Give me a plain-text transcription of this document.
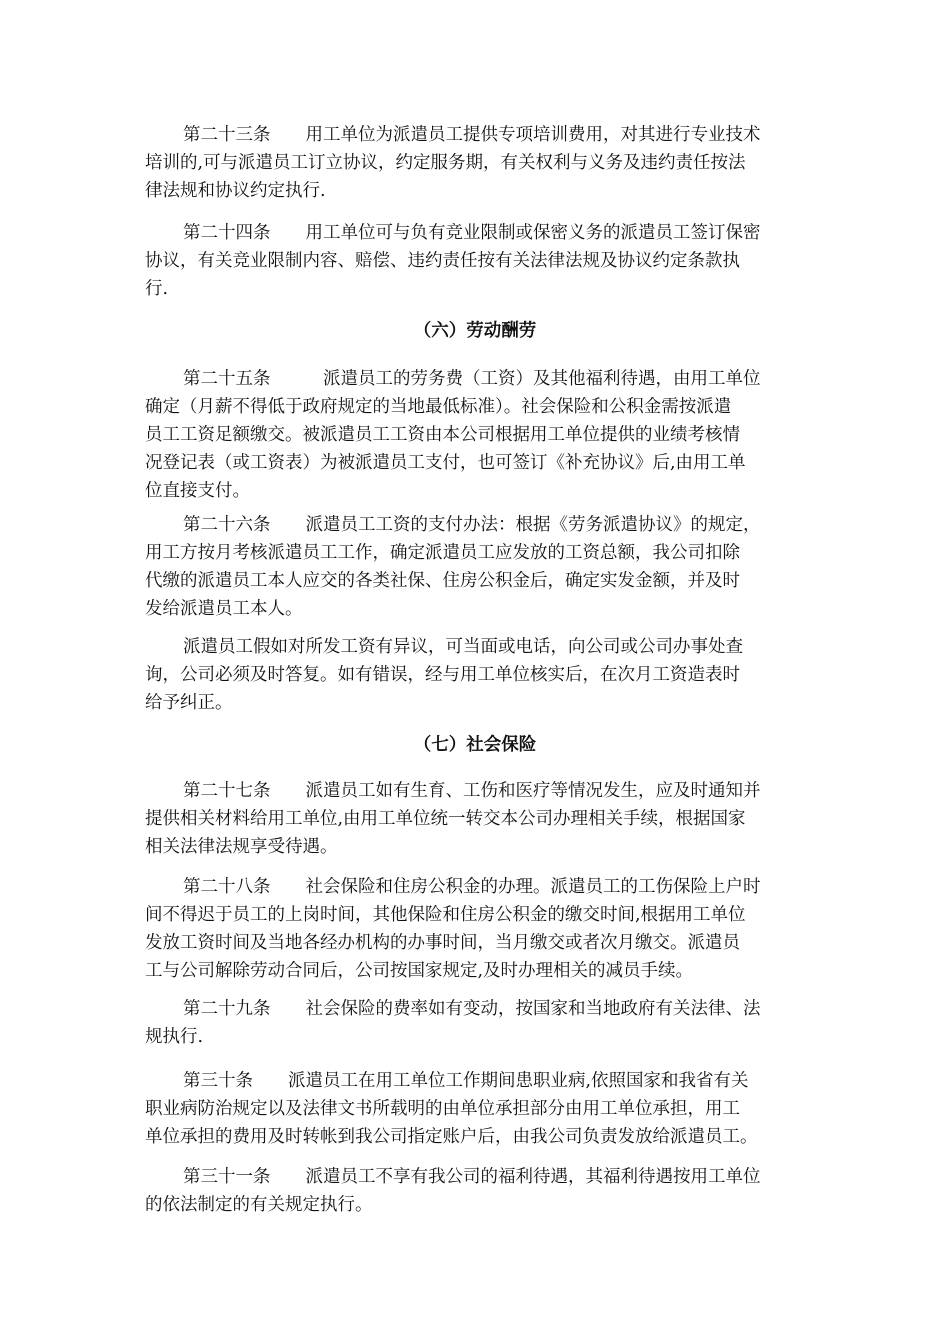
第二十三条　　用工单位为派遣员工提供专项培训费用，对其进行专业技术
培训的,可与派遣员工订立协议，约定服务期，有关权利与义务及违约责任按法
律法规和协议约定执行.
第二十四条　　用工单位可与负有竞业限制或保密义务的派遣员工签订保密
协议，有关竞业限制内容、赔偿、违约责任按有关法律法规及协议约定条款执
行.
（六）劳动酬劳
第二十五条　　　派遣员工的劳务费（工资）及其他福利待遇，由用工单位
确定（月薪不得低于政府规定的当地最低标准）。社会保险和公积金需按派遣
员工工资足额缴交。被派遣员工工资由本公司根据用工单位提供的业绩考核情
况登记表（或工资表）为被派遣员工支付，也可签订《补充协议》后,由用工单
位直接支付。
第二十六条　　派遣员工工资的支付办法：根据《劳务派遣协议》的规定，
用工方按月考核派遣员工工作，确定派遣员工应发放的工资总额，我公司扣除
代缴的派遣员工本人应交的各类社保、住房公积金后，确定实发金额，并及时
发给派遣员工本人。
派遣员工假如对所发工资有异议，可当面或电话，向公司或公司办事处查
询，公司必须及时答复。如有错误，经与用工单位核实后，在次月工资造表时
给予纠正。
（七）社会保险
第二十七条　　派遣员工如有生育、工伤和医疗等情况发生，应及时通知并
提供相关材料给用工单位,由用工单位统一转交本公司办理相关手续，根据国家
相关法律法规享受待遇。
第二十八条　　社会保险和住房公积金的办理。派遣员工的工伤保险上户时
间不得迟于员工的上岗时间，其他保险和住房公积金的缴交时间,根据用工单位
发放工资时间及当地各经办机构的办事时间，当月缴交或者次月缴交。派遣员
工与公司解除劳动合同后，公司按国家规定,及时办理相关的减员手续。
第二十九条　　社会保险的费率如有变动，按国家和当地政府有关法律、法
规执行.
第三十条　　派遣员工在用工单位工作期间患职业病,依照国家和我省有关
职业病防治规定以及法律文书所载明的由单位承担部分由用工单位承担，用工
单位承担的费用及时转帐到我公司指定账户后，由我公司负责发放给派遣员工。
第三十一条　　派遣员工不享有我公司的福利待遇，其福利待遇按用工单位
的依法制定的有关规定执行。
